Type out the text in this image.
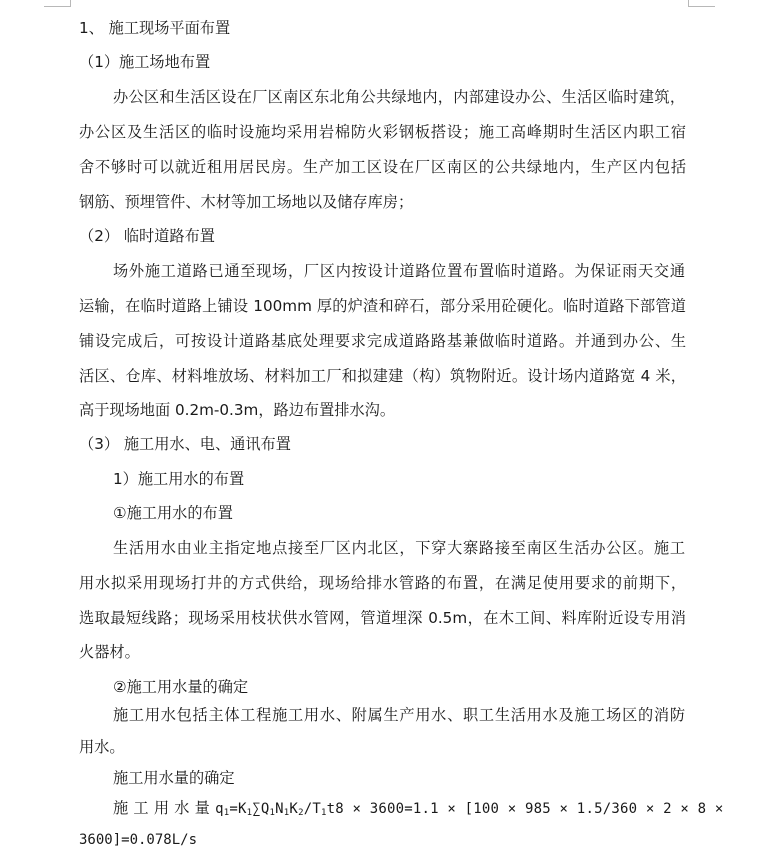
1、 施工现场平面布置
（1）施工场地布置
办公区和生活区设在厂区南区东北角公共绿地内，内部建设办公、生活区临时建筑，
办公区及生活区的临时设施均采用岩棉防火彩钢板搭设；施工高峰期时生活区内职工宿
舍不够时可以就近租用居民房。生产加工区设在厂区南区的公共绿地内，生产区内包括
钢筋、预埋管件、木材等加工场地以及储存库房；
（2） 临时道路布置
场外施工道路已通至现场，厂区内按设计道路位置布置临时道路。为保证雨天交通
运输，在临时道路上铺设 100mm 厚的炉渣和碎石，部分采用砼硬化。临时道路下部管道
铺设完成后，可按设计道路基底处理要求完成道路路基兼做临时道路。并通到办公、生
活区、仓库、材料堆放场、材料加工厂和拟建建（构）筑物附近。设计场内道路宽 4 米，
高于现场地面 0.2m-0.3m，路边布置排水沟。
（3） 施工用水、电、通讯布置
1）施工用水的布置
①施工用水的布置
生活用水由业主指定地点接至厂区内北区，下穿大寨路接至南区生活办公区。施工
用水拟采用现场打井的方式供给，现场给排水管路的布置，在满足使用要求的前期下，
选取最短线路；现场采用枝状供水管网，管道埋深 0.5m，在木工间、料库附近设专用消
火器材。
②施工用水量的确定
施工用水包括主体工程施工用水、附属生产用水、职工生活用水及施工场区的消防
用水。
施工用水量的确定
施 工 用 水 量 $q_1=K_1\sum Q_1N_1K_2/T_1t8 \times 3600=1.1 \times [100 \times 985 \times 1.5/360 \times 2 \times 8$ ×
3600]=0.078L/s
